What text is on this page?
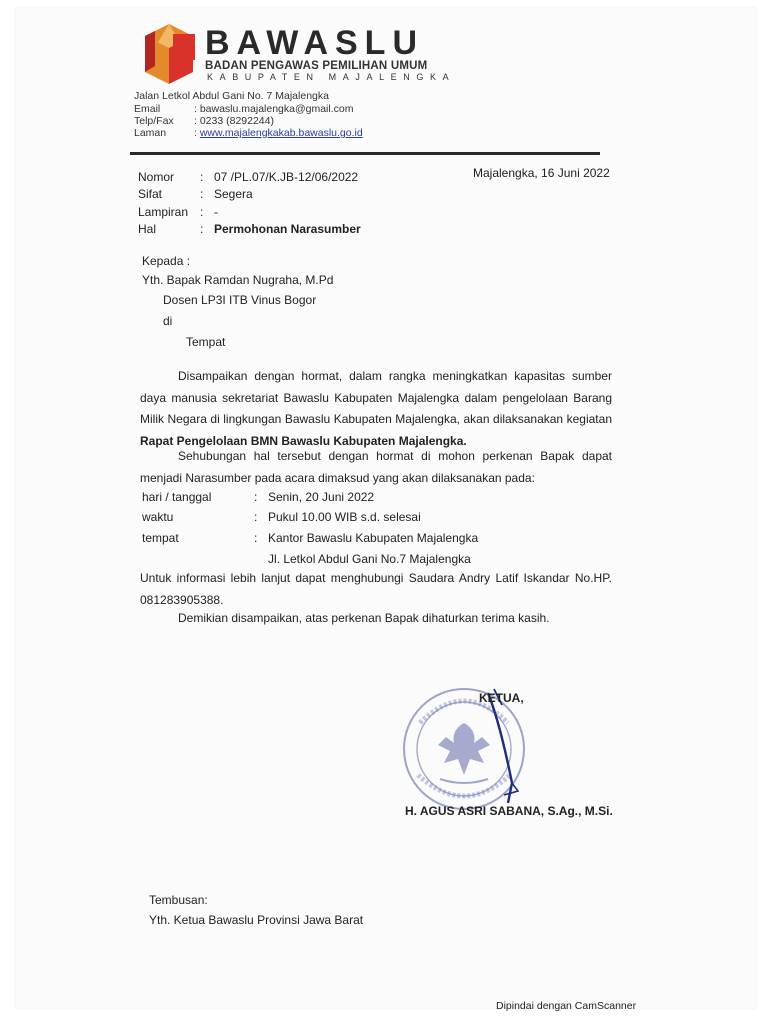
BAWASLU
BADAN PENGAWAS PEMILIHAN UMUM
KABUPATEN MAJALENGKA
Jalan Letkol Abdul Gani No. 7 Majalengka
Email	: bawaslu.majalengka@gmail.com
Telp/Fax : 0233 (8292244)
Laman	: www.majalengkakab.bawaslu.go.id
Nomor : 07 /PL.07/K.JB-12/06/2022
Sifat	: Segera
Lampiran : -
Hal	: Permohonan Narasumber
Majalengka, 16 Juni 2022
Kepada :
Yth. Bapak Ramdan Nugraha, M.Pd
Dosen LP3I ITB Vinus Bogor
di
Tempat
Disampaikan dengan hormat, dalam rangka meningkatkan kapasitas sumber daya manusia sekretariat Bawaslu Kabupaten Majalengka dalam pengelolaan Barang Milik Negara di lingkungan Bawaslu Kabupaten Majalengka, akan dilaksanakan kegiatan Rapat Pengelolaan BMN Bawaslu Kabupaten Majalengka.
Sehubungan hal tersebut dengan hormat di mohon perkenan Bapak dapat menjadi Narasumber pada acara dimaksud yang akan dilaksanakan pada:
hari / tanggal	: Senin, 20 Juni 2022
waktu	: Pukul 10.00 WIB s.d. selesai
tempat	: Kantor Bawaslu Kabupaten Majalengka
Jl. Letkol Abdul Gani No.7 Majalengka
Untuk informasi lebih lanjut dapat menghubungi Saudara Andry Latif Iskandar No.HP. 081283905388.
Demikian disampaikan, atas perkenan Bapak dihaturkan terima kasih.
KETUA,
H. AGUS ASRI SABANA, S.Ag., M.Si.
Tembusan:
Yth. Ketua Bawaslu Provinsi Jawa Barat
Dipindai dengan CamScanner
